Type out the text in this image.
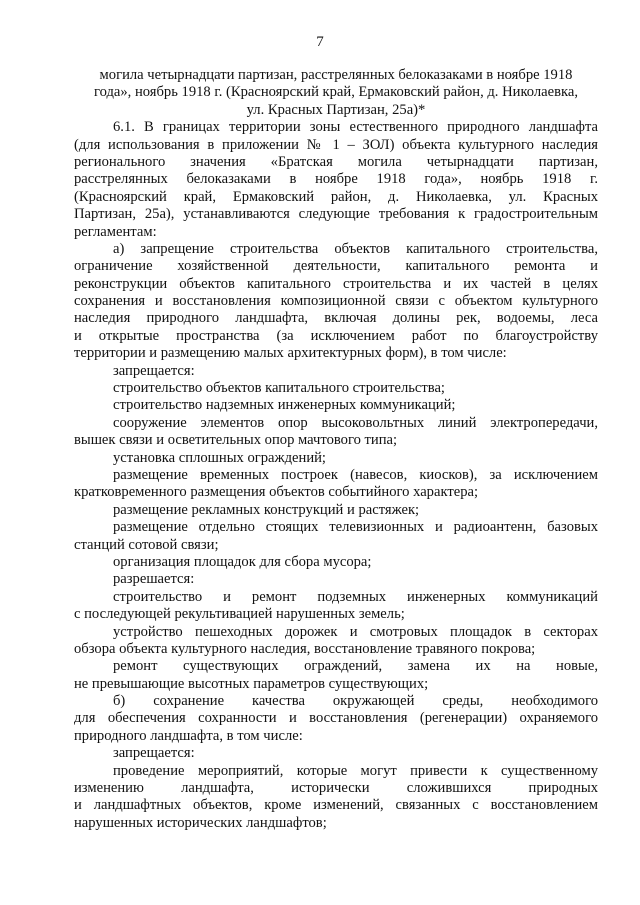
7
могила четырнадцати партизан, расстрелянных белоказаками в ноябре 1918
года», ноябрь 1918 г. (Красноярский край, Ермаковский район, д. Николаевка,
ул. Красных Партизан, 25а)*
6.1. В границах территории зоны естественного природного ландшафта
(для использования в приложении № 1 – ЗОЛ) объекта культурного наследия
регионального значения «Братская могила четырнадцати партизан,
расстрелянных белоказаками в ноябре 1918 года», ноябрь 1918 г.
(Красноярский край, Ермаковский район, д. Николаевка, ул. Красных
Партизан, 25а), устанавливаются следующие требования к градостроительным
регламентам:
а) запрещение строительства объектов капитального строительства,
ограничение хозяйственной деятельности, капитального ремонта и
реконструкции объектов капитального строительства и их частей в целях
сохранения и восстановления композиционной связи с объектом культурного
наследия природного ландшафта, включая долины рек, водоемы, леса
и открытые пространства (за исключением работ по благоустройству
территории и размещению малых архитектурных форм), в том числе:
запрещается:
строительство объектов капитального строительства;
строительство надземных инженерных коммуникаций;
сооружение элементов опор высоковольтных линий электропередачи,
вышек связи и осветительных опор мачтового типа;
установка сплошных ограждений;
размещение временных построек (навесов, киосков), за исключением
кратковременного размещения объектов событийного характера;
размещение рекламных конструкций и растяжек;
размещение отдельно стоящих телевизионных и радиоантенн, базовых
станций сотовой связи;
организация площадок для сбора мусора;
разрешается:
строительство и ремонт подземных инженерных коммуникаций
с последующей рекультивацией нарушенных земель;
устройство пешеходных дорожек и смотровых площадок в секторах
обзора объекта культурного наследия, восстановление травяного покрова;
ремонт существующих ограждений, замена их на новые,
не превышающие высотных параметров существующих;
б) сохранение качества окружающей среды, необходимого
для обеспечения сохранности и восстановления (регенерации) охраняемого
природного ландшафта, в том числе:
запрещается:
проведение мероприятий, которые могут привести к существенному
изменению ландшафта, исторически сложившихся природных
и ландшафтных объектов, кроме изменений, связанных с восстановлением
нарушенных исторических ландшафтов;
